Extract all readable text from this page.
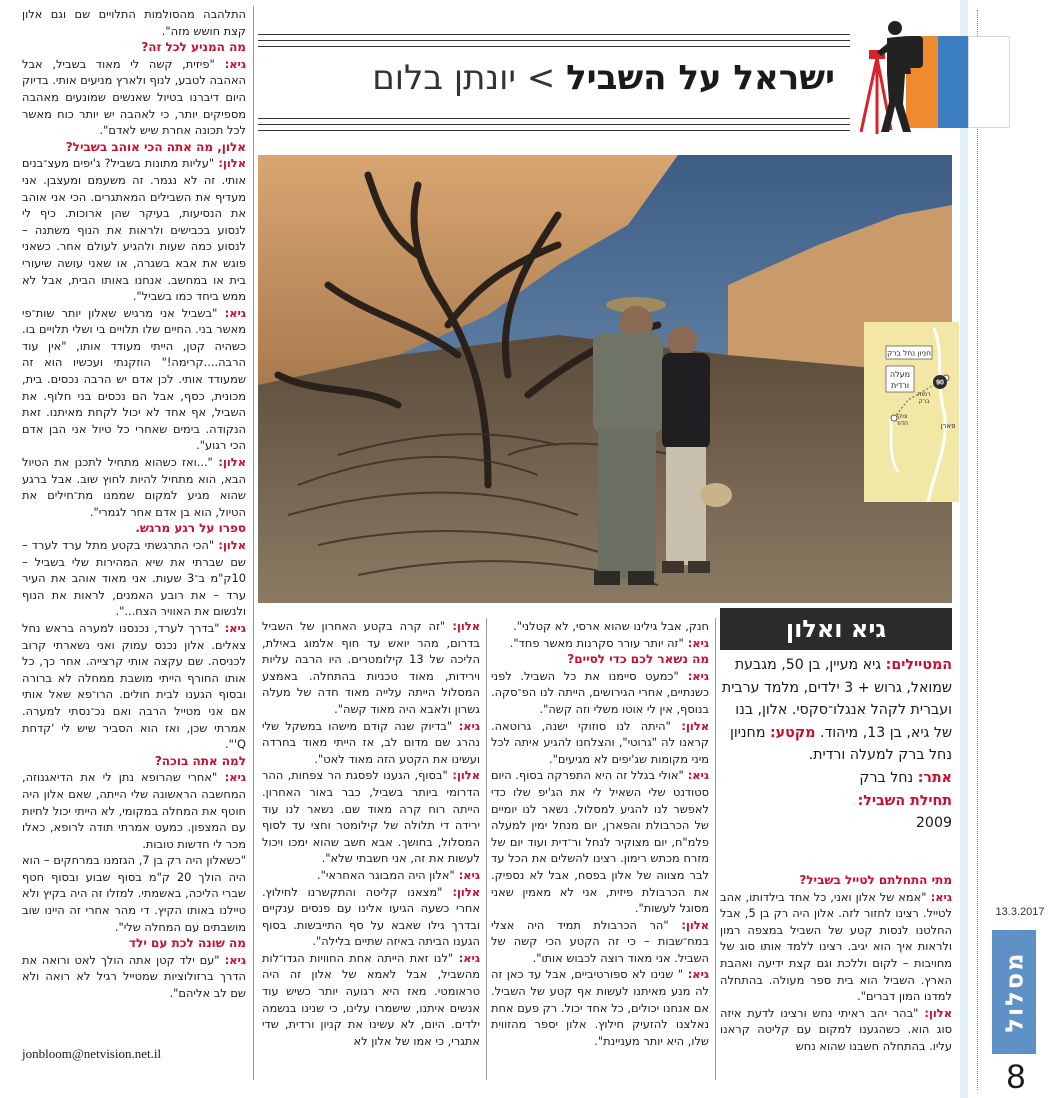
13.3.2017
מסלול
8
ישראל על השביל > יונתן בלום
90
חניון נחל ברק
מעלה ורדית
רמות ברק
צוקי חדוד	פארן
גיא ואלון
המטיילים: גיא מעיין, בן 50, מגבעת שמואל, גרוש + 3 ילדים, מלמד ערבית ועברית לקהל אנגלו־סקסי. אלון, בנו של גיא, בן 13, מיהוד. מקטע: מחניון נחל ברק למעלה ורדית.
אתר: נחל ברק
תחילת השביל:
2009

התלהבה מהסולמות התלויים שם וגם אלון קצת חושש מזה".

מה המניע לכל זה?

גיא: "פיזית, קשה לי מאוד בשביל, אבל האהבה לטבע, לנוף ולארץ מניעים אותי. בדיוק היום דיברנו בטיול שאנשים שמונעים מאהבה מספיקים יותר, כי לאהבה יש יותר כוח מאשר לכל תכונה אחרת שיש לאדם".

אלון, מה אתה הכי אוהב בשביל?

אלון: "עליות מתונות בשביל? ג'יפים מעצ־בנים אותי. זה לא נגמר. זה משעמם ומעצבן. אני מעדיף את השבילים המאתגרים. הכי אני אוהב את הנסיעות, בעיקר שהן ארוכות. כיף לי לנסוע בכבישים ולראות את הנוף משתנה – לנסוע כמה שעות ולהגיע לעולם אחר. כשאני פוגש את אבא בשגרה, או שאני עושה שיעורי בית או במחשב. אנחנו באותו הבית, אבל לא ממש ביחד כמו בשביל".

גיא: "בשביל אני מרגיש שאלון יותר שות־פי מאשר בני. החיים שלו תלויים בי ושלי תלויים בו. כשהיה קטן, הייתי מעודד אותו, "אין עוד הרבה....קרימה!" הוזקנתי ועכשיו הוא זה שמעודד אותי. לכן אדם יש הרבה נכסים. בית, מכונית, כסף, אבל הם נכסים בני חלוף. את השביל, אף אחד לא יכול לקחת מאיתנו. זאת הנקודה. בימים שאחרי כל טיול אני הבן אדם הכי רגוע".

אלון: "...ואז כשהוא מתחיל לתכנן את הטיול הבא, הוא מתחיל להיות לחוץ שוב. אבל ברגע שהוא מגיע למקום שממנו מת־חילים את הטיול, הוא בן אדם אחר לגמרי".

ספרו על רגע מרגש.

אלון: "הכי התרגשתי בקטע מתל ערד לערד – שם שברתי את שיא המהירות שלי בשביל – 10ק"מ ב־3 שעות. אני מאוד אוהב את העיר ערד – את רובע האמנים, לראות את הנוף ולנשום את האוויר הצח...".

גיא: "בדרך לערד, נכנסנו למערה בראש נחל צאלים. אלון נכנס עמוק ואני נשארתי קרוב לכניסה. שם עקצה אותי קרצייה. אחר כך, כל אותו החורף הייתי מושבת ממחלה לא ברורה ובסוף הגענו לבית חולים. הרו־פא שאל אותי אם אני מטייל הרבה ואם נכ־נסתי למערה. אמרתי שכן, ואז הוא הסביר שיש לי 'קדחת Q'".

למה אתה בוכה?

גיא: "אחרי שהרופא נתן לי את הדיאגנוזה, המחשבה הראשונה שלי הייתה, שאם אלון היה חוטף את המחלה במקומי, לא הייתי יכול לחיות עם המצפון. כמעט אמרתי תודה לרופא, כאלו מכר לי חדשות טובות.

"כשאלון היה רק בן 7, הגזמנו במרחקים – הוא היה הולך 20 ק"מ בסוף שבוע ובסוף חטף שברי הליכה, באשמתי. למזלו זה היה בקיץ ולא טיילנו באותו הקיץ. די מהר אחרי זה היינו שוב מושבתים עם המחלה שלי".

מה שונה לכת עם ילד

גיא: "עם ילד קטן אתה הולך לאט ורואה את הדרך ברזולוציות שמטייל רגיל לא רואה ולא שם לב אליהם".

jonbloom@netvision.net.il

אלון: "זה קרה בקטע האחרון של השביל בדרום, מהר יואש עד חוף אלמוג באילת, הליכה של 13 קילומטרים. היו הרבה עליות וירידות, מאוד טכניות בהתחלה. באמצע המסלול הייתה עלייה מאוד חדה של מעלה גשרון ולאבא היה מאוד קשה".

גיא: "בדיוק שנה קודם מישהו במשקל שלי נהרג שם מדום לב, אז הייתי מאוד בחרדה ועשינו את הקטע הזה מאוד לאט".

אלון: "בסוף, הגענו לפסגת הר צפחות, ההר הדרומי ביותר בשביל, כבר באור האחרון. הייתה רוח קרה מאוד שם. נשאר לנו עוד ירידה די תלולה של קילומטר וחצי עד לסוף המסלול, בחושך. אבא חשב שהוא ימכו ויכול לעשות את זה, אני חשבתי שלא".

גיא: "אלון היה המבוגר האחראי".

אלון: "מצאנו קליטה והתקשרנו לחילוץ. אחרי כשעה הגיעו אלינו עם פנסים ענקיים ובדרך גילו שאבא על סף התייבשות. בסוף הגענו הביתה באיזה שתיים בלילה".

גיא: "לנו זאת הייתה אחת החוויות הגדו־לות מהשביל, אבל לאמא של אלון זה היה טראומטי. מאז היא רגועה יותר כשיש עוד אנשים איתנו, שישמרו עלינו, כי שנינו בנשמה ילדים. היום, לא עשינו את קניון ורדית, שדי אתגרי, כי אמו של אלון לא

חנק, אבל גילינו שהוא ארסי, לא קטלני".

גיא: "זה יותר עורר סקרנות מאשר פחד".

מה נשאר לכם כדי לסיים?

גיא: "כמעט סיימנו את כל השביל. לפני כשנתיים, אחרי הגירושים, הייתה לנו הפ־סקה. בנוסף, אין לי אוטו משלי וזה קשה".

אלון: "היתה לנו סוזוקי ישנה, גרוטאה. קראנו לה "גרוטי", והצלחנו להגיע איתה לכל מיני מקומות שג'יפים לא מגיעים".

גיא: "אולי בגלל זה היא התפרקה בסוף. היום סטודנט שלי השאיל לי את הג'יפ שלו כדי לאפשר לנו להגיע למסלול. נשאר לנו יומיים של הכרבולת והפארן, יום מנחל ימין למעלה פלמ"ח, יום מצוקיר לנחל ור־דית ועוד יום של מזרח מכתש רימון. רצינו להשלים את הכל עד לבר מצווה של אלון בפסח, אבל לא נספיק. את הכרבולת פיזית, אני לא מאמין שאני מסוגל לעשות".

אלון: "הר הכרבולת תמיד היה אצלי במח־שבות – כי זה הקטע הכי קשה של השביל. אני מאוד רוצה לכבוש אותו".

גיא: " שנינו לא ספורטיביים, אבל עד כאן זה לה מנע מאיתנו לעשות אף קטע של השביל. אם אנחנו יכולים, כל אחד יכול. רק פעם אחת נאלצנו להזעיק חילוץ. אלון יספר מהזווית שלו, היא יותר מעניינת".

מתי התחלתם לטייל בשביל?

גיא: "אמא של אלון ואני, כל אחד בילדותו, אהב לטייל. רצינו לחזור לזה. אלון היה רק בן 5, אבל החלטנו לנסות קטע של השביל במצפה רמון ולראות איך הוא יגיב. רצינו ללמד אותו סוג של מחויבות – לקום וללכת וגם קצת ידיעה ואהבת הארץ. השביל הוא בית ספר מעולה. בהתחלה למדנו המון דברים".

אלון: "בהר יהב ראיתי נחש ורצינו לדעת איזה סוג הוא. כשהגענו למקום עם קליטה קראנו עליו. בהתחלה חשבנו שהוא נחש
